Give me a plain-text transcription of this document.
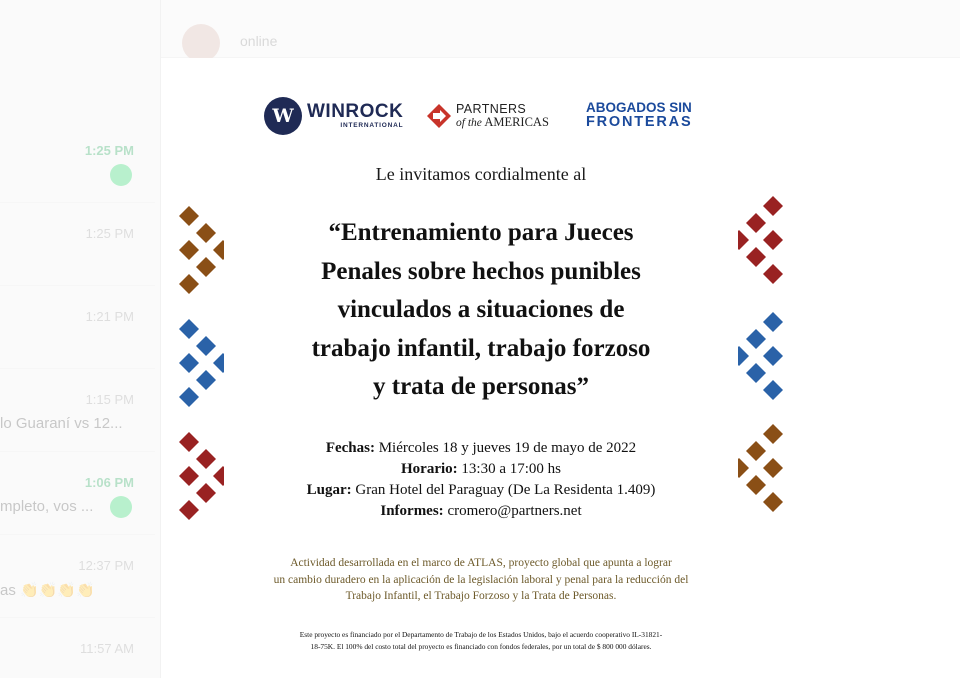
online
1:25 PM
1:25 PM
1:21 PM
1:15 PM
lo Guaraní vs 12...
1:06 PM
mpleto, vos ...
12:37 PM
as 👏👏👏👏
11:57 AM
W WINROCK
INTERNATIONAL
PARTNERS
of the AMERICAS
ABOGADOS SIN
FRONTERAS
Le invitamos cordialmente al
“Entrenamiento para Jueces
Penales sobre hechos punibles
vinculados a situaciones de
trabajo infantil, trabajo forzoso
y trata de personas”
Fechas: Miércoles 18 y jueves 19 de mayo de 2022
Horario: 13:30 a 17:00 hs
Lugar: Gran Hotel del Paraguay (De La Residenta 1.409)
Informes: cromero@partners.net
Actividad desarrollada en el marco de ATLAS, proyecto global que apunta a lograr
un cambio duradero en la aplicación de la legislación laboral y penal para la reducción del
Trabajo Infantil, el Trabajo Forzoso y la Trata de Personas.
Este proyecto es financiado por el Departamento de Trabajo de los Estados Unidos, bajo el acuerdo cooperativo IL-31821-
18-75K. El 100% del costo total del proyecto es financiado con fondos federales, por un total de $ 800 000 dólares.
